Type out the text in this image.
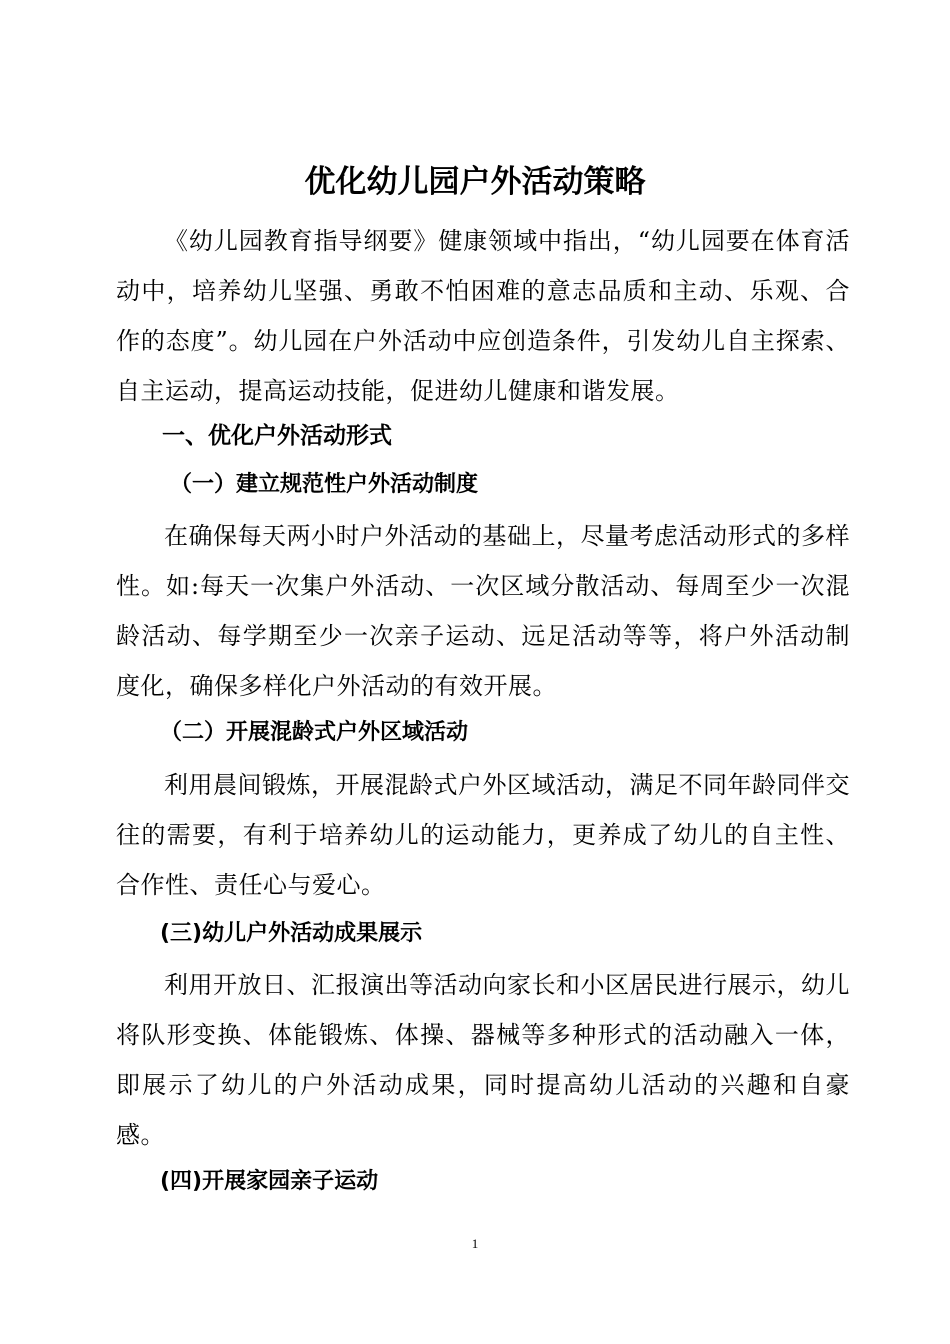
优化幼儿园户外活动策略

《幼儿园教育指导纲要》健康领域中指出，“幼儿园要在体育活动中，培养幼儿坚强、勇敢不怕困难的意志品质和主动、乐观、合作的态度”。幼儿园在户外活动中应创造条件，引发幼儿自主探索、自主运动，提高运动技能，促进幼儿健康和谐发展。

一、优化户外活动形式
（一）建立规范性户外活动制度

在确保每天两小时户外活动的基础上，尽量考虑活动形式的多样性。如:每天一次集户外活动、一次区域分散活动、每周至少一次混龄活动、每学期至少一次亲子运动、远足活动等等，将户外活动制度化，确保多样化户外活动的有效开展。

（二）开展混龄式户外区域活动

利用晨间锻炼，开展混龄式户外区域活动，满足不同年龄同伴交往的需要，有利于培养幼儿的运动能力，更养成了幼儿的自主性、合作性、责任心与爱心。

(三)幼儿户外活动成果展示

利用开放日、汇报演出等活动向家长和小区居民进行展示，幼儿将队形变换、体能锻炼、体操、器械等多种形式的活动融入一体，即展示了幼儿的户外活动成果，同时提高幼儿活动的兴趣和自豪感。

(四)开展家园亲子运动
1
